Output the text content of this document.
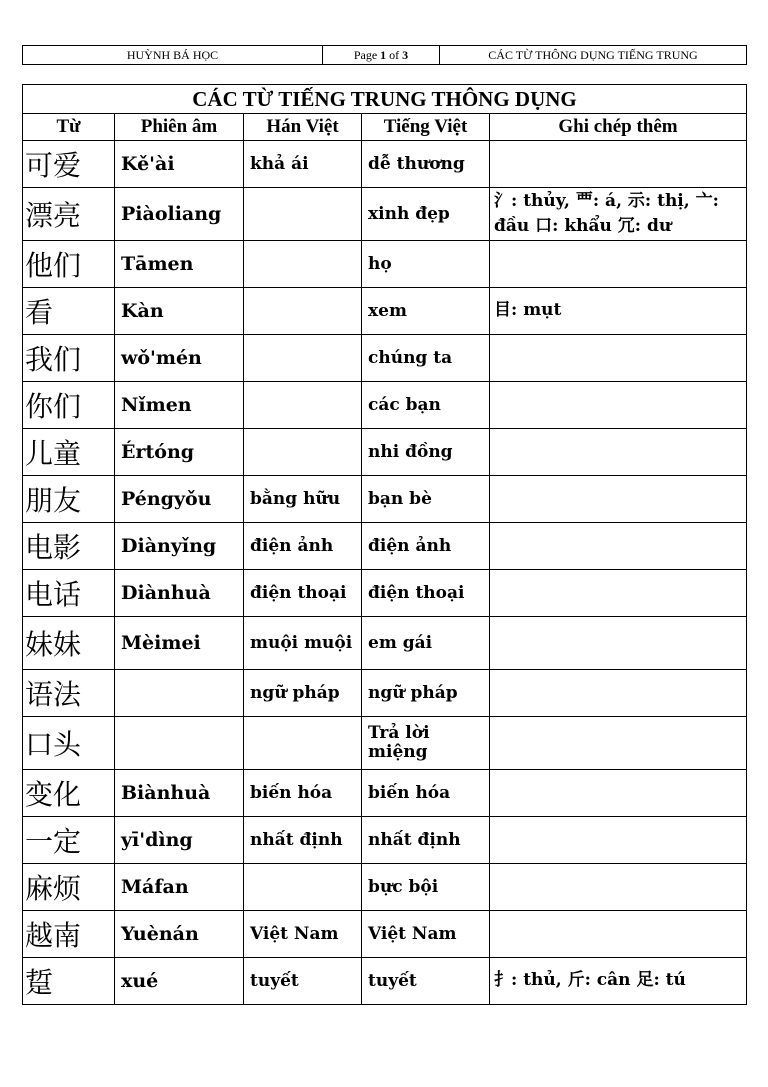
HUỲNH BÁ HỌC	Page 1 of 3	CÁC TỪ THÔNG DỤNG TIẾNG TRUNG
CÁC TỪ TIẾNG TRUNG THÔNG DỤNG				
Từ	Phiên âm	Hán Việt	Tiếng Việt	Ghi chép thêm
可爱	Kě'ài	khả ái	dễ thương	
漂亮	Piàoliang		xinh đẹp	氵: thủy, 覀: á, 示: thị, 亠: đầu 口: khẩu 冗: dư
他们	Tāmen		họ	
看	Kàn		xem	目: mụt
我们	wǒ'mén		chúng ta	
你们	Nǐmen		các bạn	
儿童	Értóng		nhi đồng	
朋友	Péngyǒu	bằng hữu	bạn bè	
电影	Diànyǐng	điện ảnh	điện ảnh	
电话	Diànhuà	điện thoại	điện thoại	
妹妹	Mèimei	muội muội	em gái	
语法		ngữ pháp	ngữ pháp	
口头			Trả lời miệng	
变化	Biànhuà	biến hóa	biến hóa	
一定	yī'dìng	nhất định	nhất định	
麻烦	Máfan		bực bội	
越南	Yuènán	Việt Nam	Việt Nam	
踅	xué	tuyết	tuyết	扌: thủ, 斤: cân 足: tú
